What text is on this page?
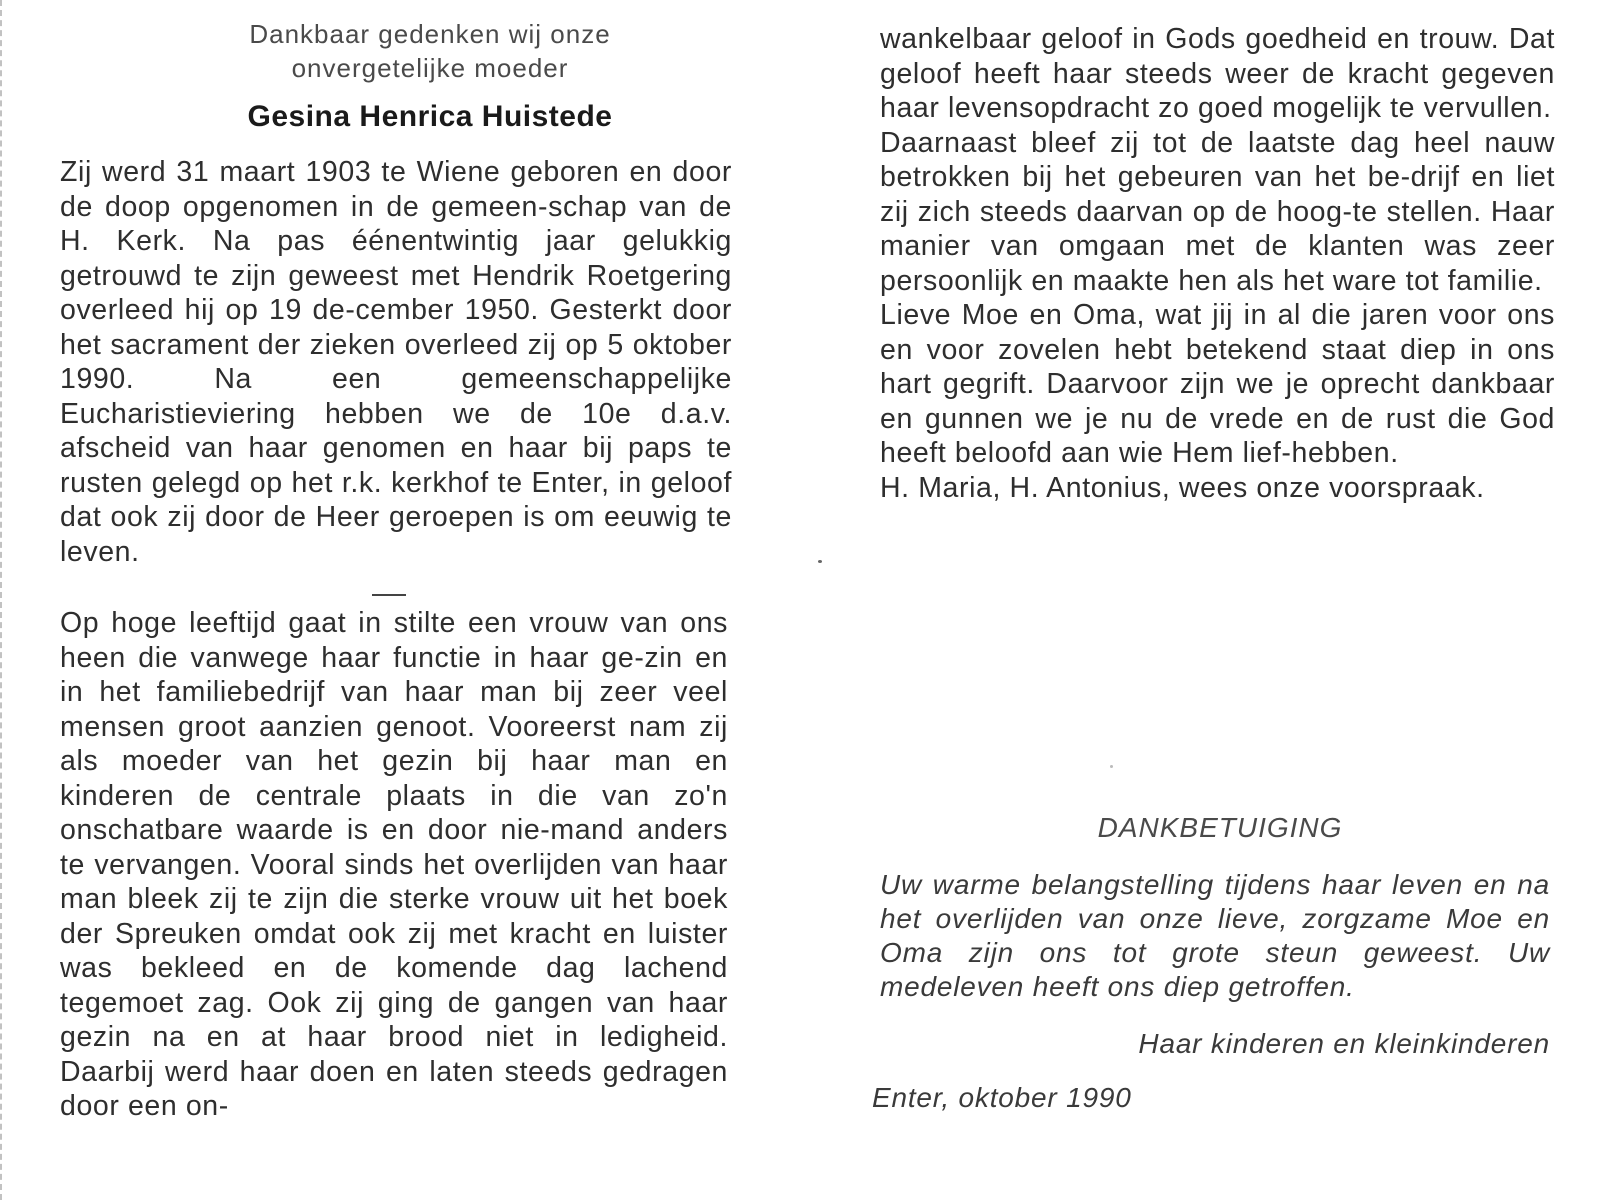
Dankbaar gedenken wij onze
onvergetelijke moeder
Gesina Henrica Huistede

Zij werd 31 maart 1903 te Wiene geboren en door de doop opgenomen in de gemeen-schap van de H. Kerk. Na pas éénentwintig jaar gelukkig getrouwd te zijn geweest met Hendrik Roetgering overleed hij op 19 de-cember 1950. Gesterkt door het sacrament der zieken overleed zij op 5 oktober 1990. Na een gemeenschappelijke Eucharistieviering hebben we de 10e d.a.v. afscheid van haar genomen en haar bij paps te rusten gelegd op het r.k. kerkhof te Enter, in geloof dat ook zij door de Heer geroepen is om eeuwig te leven.

Op hoge leeftijd gaat in stilte een vrouw van ons heen die vanwege haar functie in haar ge-zin en in het familiebedrijf van haar man bij zeer veel mensen groot aanzien genoot. Vooreerst nam zij als moeder van het gezin bij haar man en kinderen de centrale plaats in die van zo'n onschatbare waarde is en door nie-mand anders te vervangen. Vooral sinds het overlijden van haar man bleek zij te zijn die sterke vrouw uit het boek der Spreuken omdat ook zij met kracht en luister was bekleed en de komende dag lachend tegemoet zag. Ook zij ging de gangen van haar gezin na en at haar brood niet in ledigheid. Daarbij werd haar doen en laten steeds gedragen door een on-

wankelbaar geloof in Gods goedheid en trouw. Dat geloof heeft haar steeds weer de kracht gegeven haar levensopdracht zo goed mogelijk te vervullen.
Daarnaast bleef zij tot de laatste dag heel nauw betrokken bij het gebeuren van het be-drijf en liet zij zich steeds daarvan op de hoog-te stellen. Haar manier van omgaan met de klanten was zeer persoonlijk en maakte hen als het ware tot familie.
Lieve Moe en Oma, wat jij in al die jaren voor ons en voor zovelen hebt betekend staat diep in ons hart gegrift. Daarvoor zijn we je oprecht dankbaar en gunnen we je nu de vrede en de rust die God heeft beloofd aan wie Hem lief-hebben.
H. Maria, H. Antonius, wees onze voorspraak.
DANKBETUIGING

Uw warme belangstelling tijdens haar leven en na het overlijden van onze lieve, zorgzame Moe en Oma zijn ons tot grote steun geweest. Uw medeleven heeft ons diep getroffen.

Haar kinderen en kleinkinderen
Enter, oktober 1990
